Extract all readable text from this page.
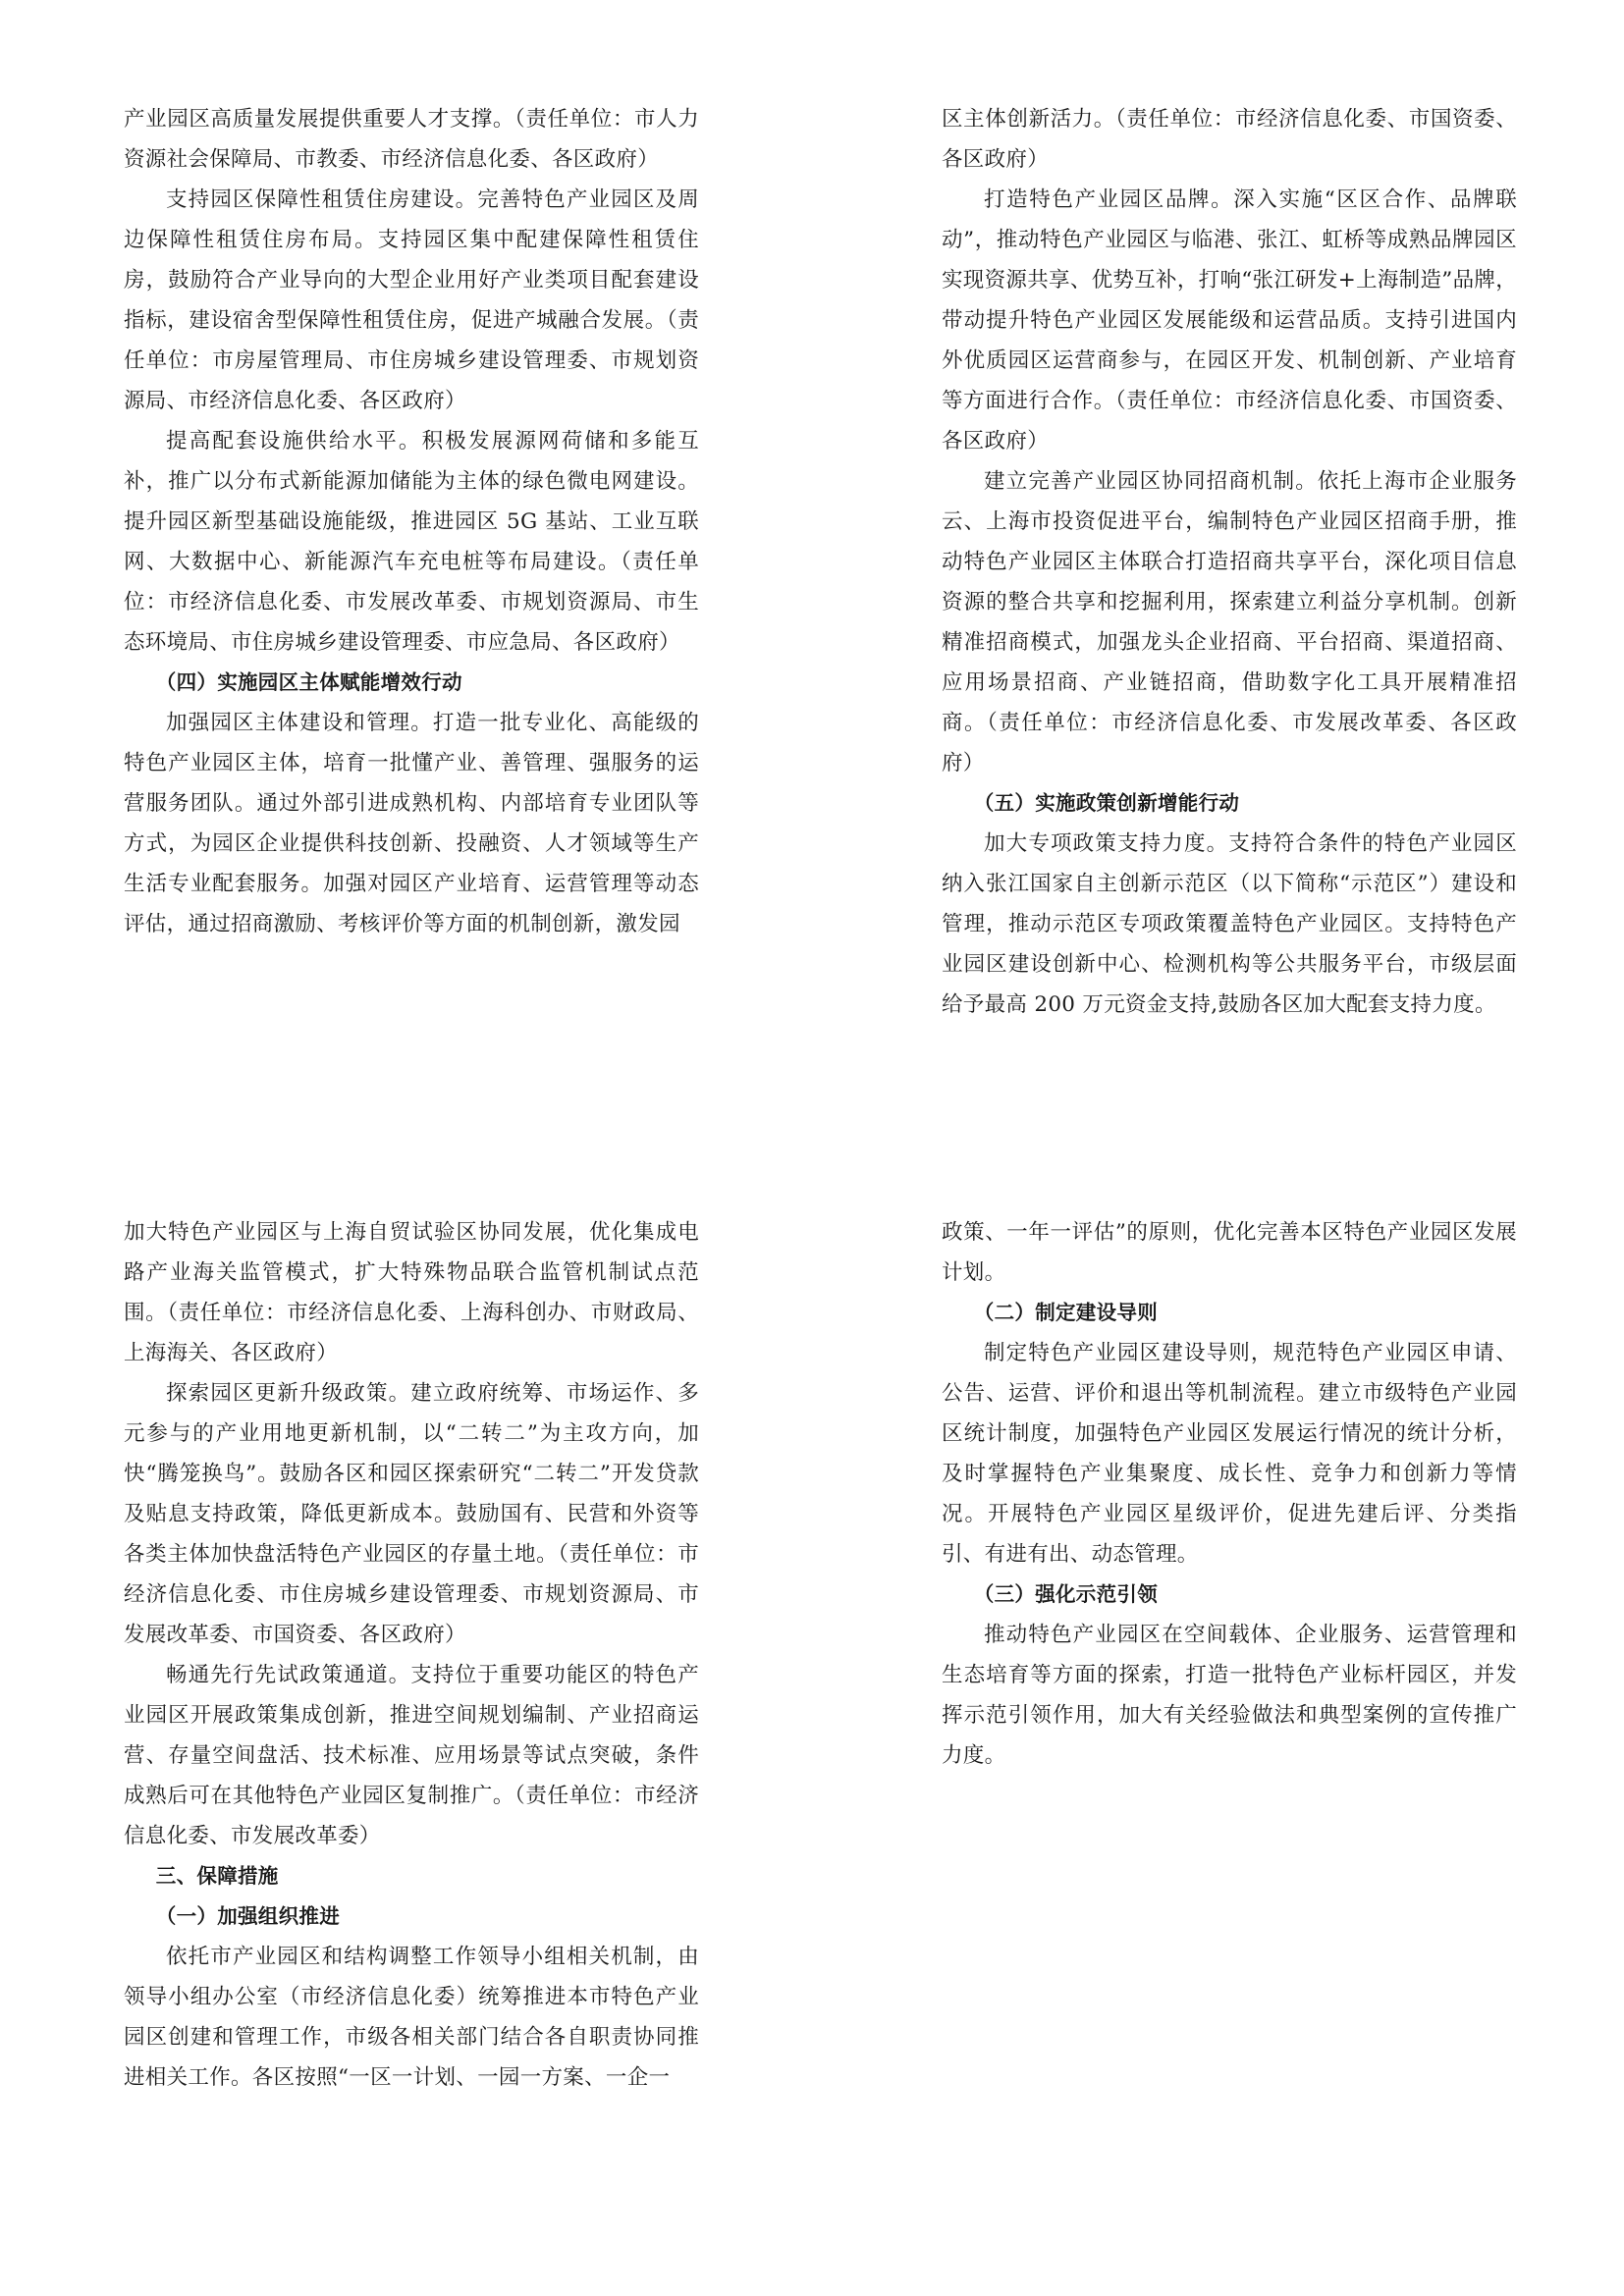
产业园区高质量发展提供重要人才支撑。（责任单位：市人力资源社会保障局、市教委、市经济信息化委、各区政府）

支持园区保障性租赁住房建设。完善特色产业园区及周边保障性租赁住房布局。支持园区集中配建保障性租赁住房，鼓励符合产业导向的大型企业用好产业类项目配套建设指标，建设宿舍型保障性租赁住房，促进产城融合发展。（责任单位：市房屋管理局、市住房城乡建设管理委、市规划资源局、市经济信息化委、各区政府）

提高配套设施供给水平。积极发展源网荷储和多能互补，推广以分布式新能源加储能为主体的绿色微电网建设。提升园区新型基础设施能级，推进园区 5G 基站、工业互联网、大数据中心、新能源汽车充电桩等布局建设。（责任单位：市经济信息化委、市发展改革委、市规划资源局、市生态环境局、市住房城乡建设管理委、市应急局、各区政府）

（四）实施园区主体赋能增效行动

加强园区主体建设和管理。打造一批专业化、高能级的特色产业园区主体，培育一批懂产业、善管理、强服务的运营服务团队。通过外部引进成熟机构、内部培育专业团队等方式，为园区企业提供科技创新、投融资、人才领域等生产生活专业配套服务。加强对园区产业培育、运营管理等动态评估，通过招商激励、考核评价等方面的机制创新，激发园

区主体创新活力。（责任单位：市经济信息化委、市国资委、各区政府）

打造特色产业园区品牌。深入实施“区区合作、品牌联动”，推动特色产业园区与临港、张江、虹桥等成熟品牌园区实现资源共享、优势互补，打响“张江研发+上海制造”品牌，带动提升特色产业园区发展能级和运营品质。支持引进国内外优质园区运营商参与，在园区开发、机制创新、产业培育等方面进行合作。（责任单位：市经济信息化委、市国资委、各区政府）

建立完善产业园区协同招商机制。依托上海市企业服务云、上海市投资促进平台，编制特色产业园区招商手册，推动特色产业园区主体联合打造招商共享平台，深化项目信息资源的整合共享和挖掘利用，探索建立利益分享机制。创新精准招商模式，加强龙头企业招商、平台招商、渠道招商、应用场景招商、产业链招商，借助数字化工具开展精准招商。（责任单位：市经济信息化委、市发展改革委、各区政府）

（五）实施政策创新增能行动

加大专项政策支持力度。支持符合条件的特色产业园区纳入张江国家自主创新示范区（以下简称“示范区”）建设和管理，推动示范区专项政策覆盖特色产业园区。支持特色产业园区建设创新中心、检测机构等公共服务平台，市级层面给予最高 200 万元资金支持,鼓励各区加大配套支持力度。

加大特色产业园区与上海自贸试验区协同发展，优化集成电路产业海关监管模式，扩大特殊物品联合监管机制试点范围。（责任单位：市经济信息化委、上海科创办、市财政局、上海海关、各区政府）

探索园区更新升级政策。建立政府统筹、市场运作、多元参与的产业用地更新机制，以“二转二”为主攻方向，加快“腾笼换鸟”。鼓励各区和园区探索研究“二转二”开发贷款及贴息支持政策，降低更新成本。鼓励国有、民营和外资等各类主体加快盘活特色产业园区的存量土地。（责任单位：市经济信息化委、市住房城乡建设管理委、市规划资源局、市发展改革委、市国资委、各区政府）

畅通先行先试政策通道。支持位于重要功能区的特色产业园区开展政策集成创新，推进空间规划编制、产业招商运营、存量空间盘活、技术标准、应用场景等试点突破，条件成熟后可在其他特色产业园区复制推广。（责任单位：市经济信息化委、市发展改革委）

三、保障措施

（一）加强组织推进

依托市产业园区和结构调整工作领导小组相关机制，由领导小组办公室（市经济信息化委）统筹推进本市特色产业园区创建和管理工作，市级各相关部门结合各自职责协同推进相关工作。各区按照“一区一计划、一园一方案、一企一

政策、一年一评估”的原则，优化完善本区特色产业园区发展计划。

（二）制定建设导则

制定特色产业园区建设导则，规范特色产业园区申请、公告、运营、评价和退出等机制流程。建立市级特色产业园区统计制度，加强特色产业园区发展运行情况的统计分析，及时掌握特色产业集聚度、成长性、竞争力和创新力等情况。开展特色产业园区星级评价，促进先建后评、分类指引、有进有出、动态管理。

（三）强化示范引领

推动特色产业园区在空间载体、企业服务、运营管理和生态培育等方面的探索，打造一批特色产业标杆园区，并发挥示范引领作用，加大有关经验做法和典型案例的宣传推广力度。
